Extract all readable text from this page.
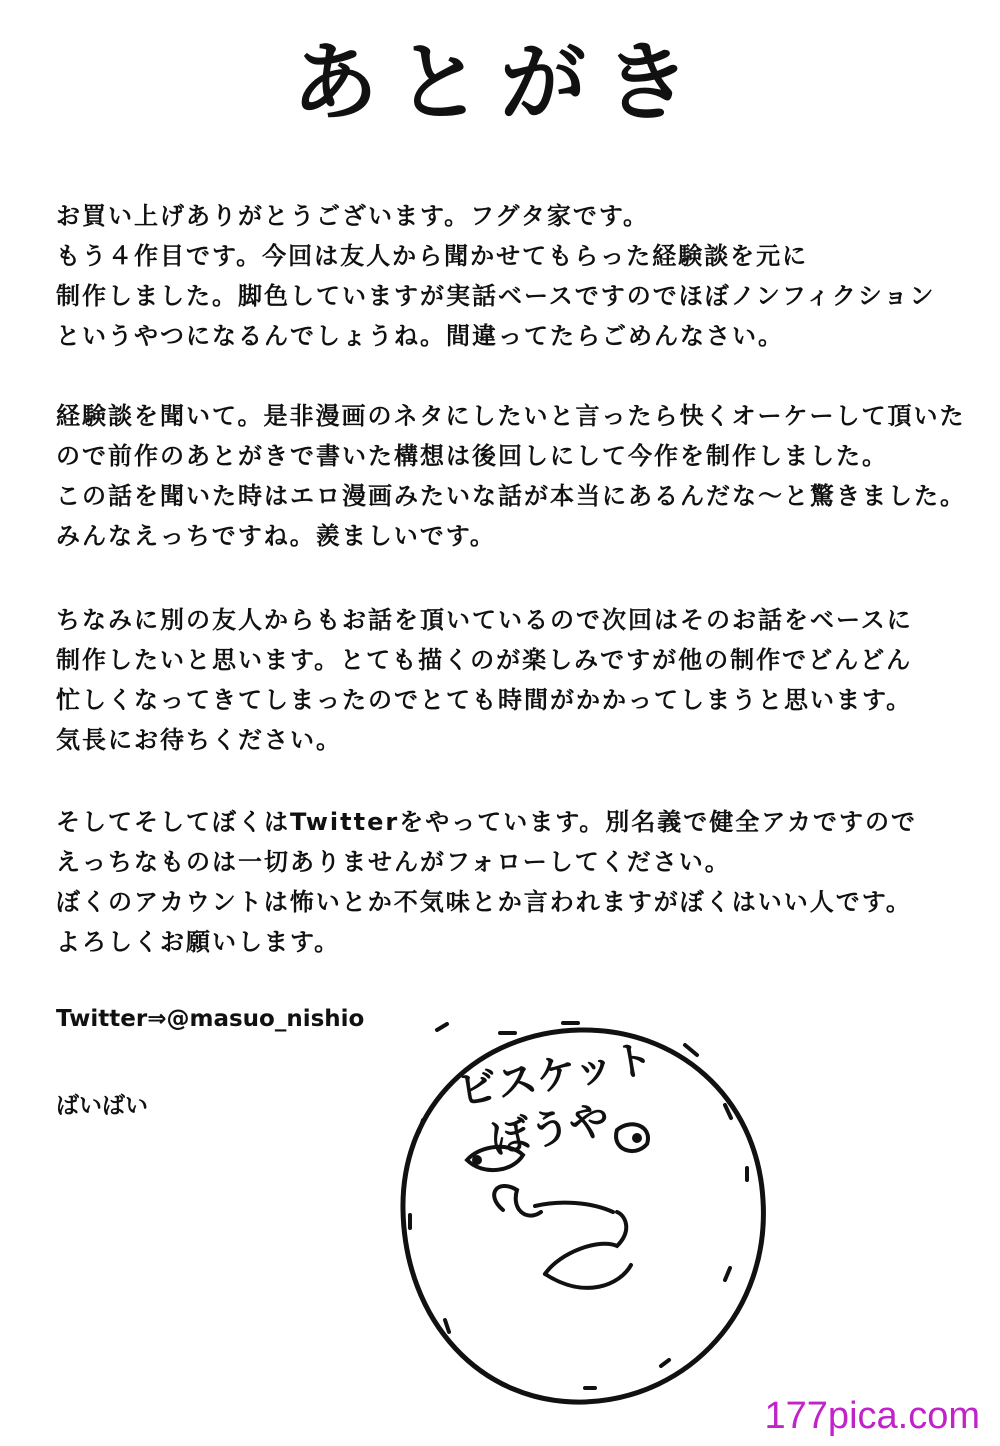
あとがき
お買い上げありがとうございます。フグタ家です。
もう４作目です。今回は友人から聞かせてもらった経験談を元に
制作しました。脚色していますが実話ベースですのでほぼノンフィクション
というやつになるんでしょうね。間違ってたらごめんなさい。
経験談を聞いて。是非漫画のネタにしたいと言ったら快くオーケーして頂いた
ので前作のあとがきで書いた構想は後回しにして今作を制作しました。
この話を聞いた時はエロ漫画みたいな話が本当にあるんだな〜と驚きました。
みんなえっちですね。羨ましいです。
ちなみに別の友人からもお話を頂いているので次回はそのお話をベースに
制作したいと思います。とても描くのが楽しみですが他の制作でどんどん
忙しくなってきてしまったのでとても時間がかかってしまうと思います。
気長にお待ちください。
そしてそしてぼくはTwitterをやっています。別名義で健全アカですので
えっちなものは一切ありませんがフォローしてください。
ぼくのアカウントは怖いとか不気味とか言われますがぼくはいい人です。
よろしくお願いします。
Twitter⇒@masuo_nishio
ばいばい	ビスケット
ぼうや
177pica.com
